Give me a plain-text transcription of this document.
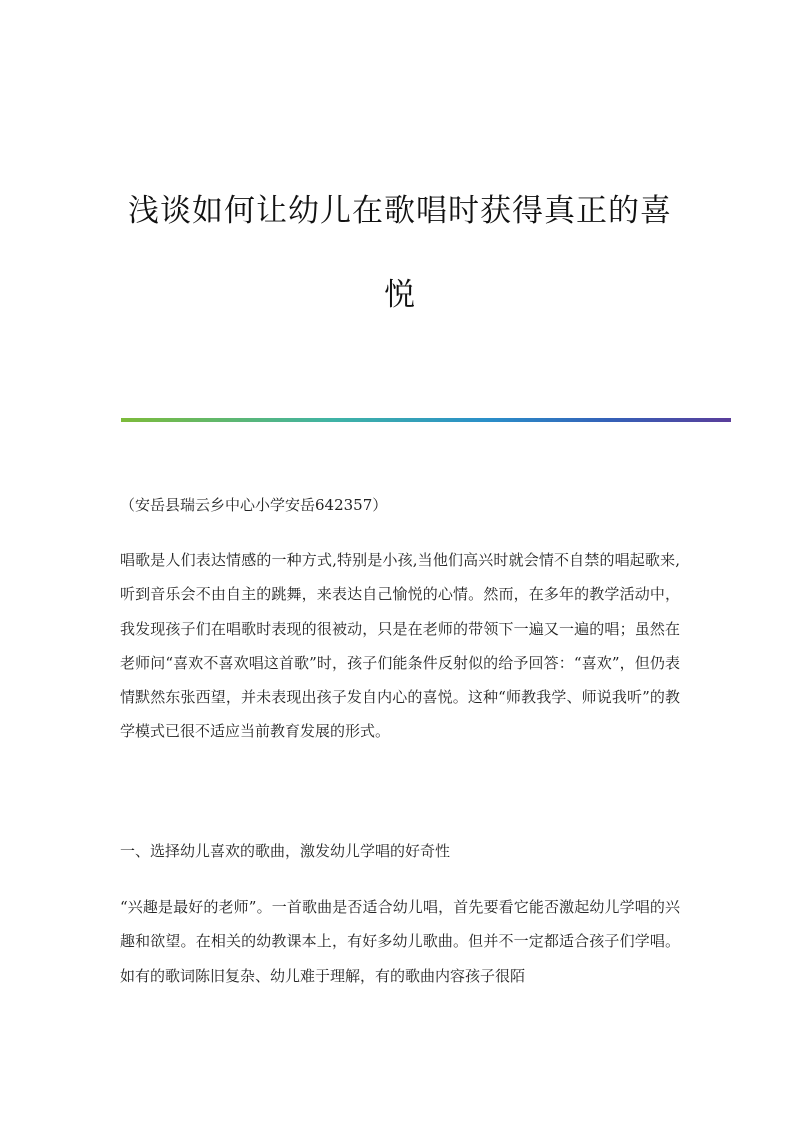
浅谈如何让幼儿在歌唱时获得真正的喜
悦

（安岳县瑞云乡中心小学安岳642357）

唱歌是人们表达情感的一种方式,特别是小孩,当他们高兴时就会情不自禁的唱起歌来,听到音乐会不由自主的跳舞，来表达自己愉悦的心情。然而，在多年的教学活动中，我发现孩子们在唱歌时表现的很被动，只是在老师的带领下一遍又一遍的唱；虽然在老师问“喜欢不喜欢唱这首歌”时，孩子们能条件反射似的给予回答：“喜欢”，但仍表情默然东张西望，并未表现出孩子发自内心的喜悦。这种“师教我学、师说我听”的教学模式已很不适应当前教育发展的形式。

一、选择幼儿喜欢的歌曲，激发幼儿学唱的好奇性

“兴趣是最好的老师”。一首歌曲是否适合幼儿唱，首先要看它能否激起幼儿学唱的兴趣和欲望。在相关的幼教课本上，有好多幼儿歌曲。但并不一定都适合孩子们学唱。如有的歌词陈旧复杂、幼儿难于理解，有的歌曲内容孩子很陌
